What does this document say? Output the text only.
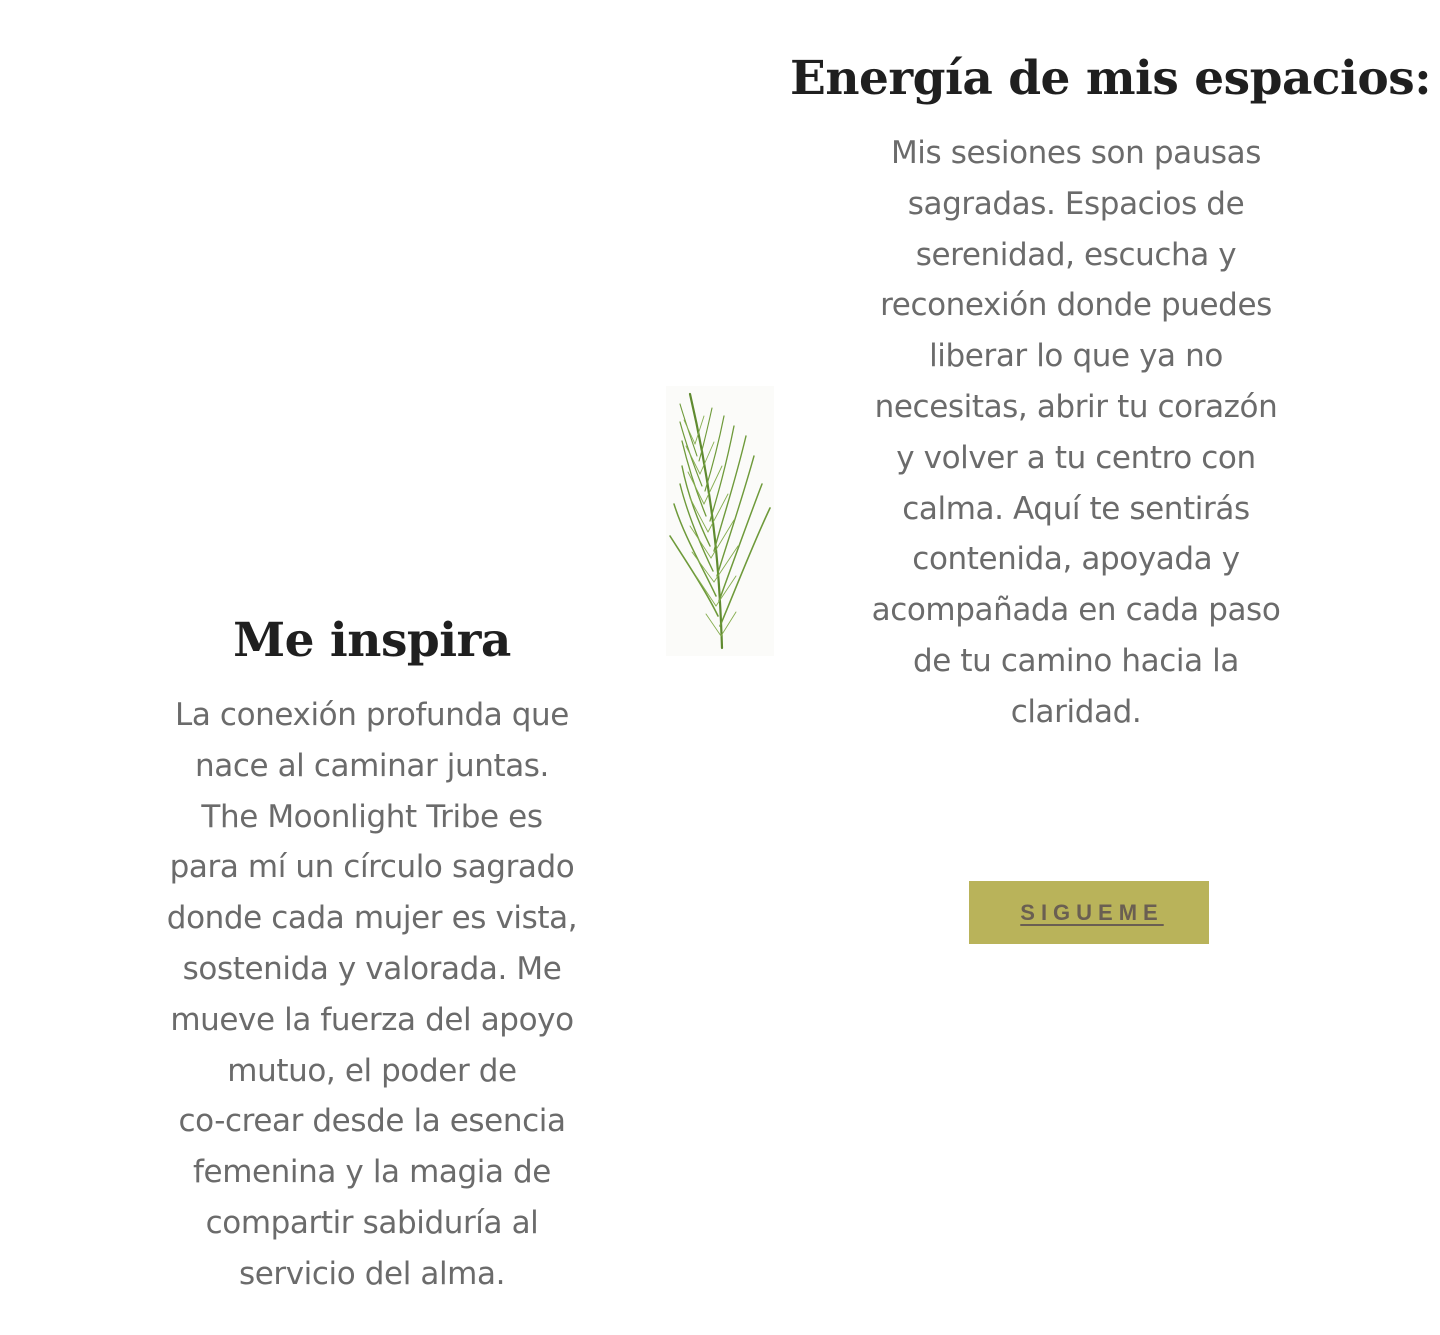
Energía de mis espacios:

Mis sesiones son pausas
sagradas. Espacios de
serenidad, escucha y
reconexión donde puedes
liberar lo que ya no
necesitas, abrir tu corazón
y volver a tu centro con
calma. Aquí te sentirás
contenida, apoyada y
acompañada en cada paso
de tu camino hacia la
claridad.

Me inspira

La conexión profunda que
nace al caminar juntas.
The Moonlight Tribe es
para mí un círculo sagrado
donde cada mujer es vista,
sostenida y valorada. Me
mueve la fuerza del apoyo
mutuo, el poder de
co-crear desde la esencia
femenina y la magia de
compartir sabiduría al
servicio del alma.

SIGUEME
